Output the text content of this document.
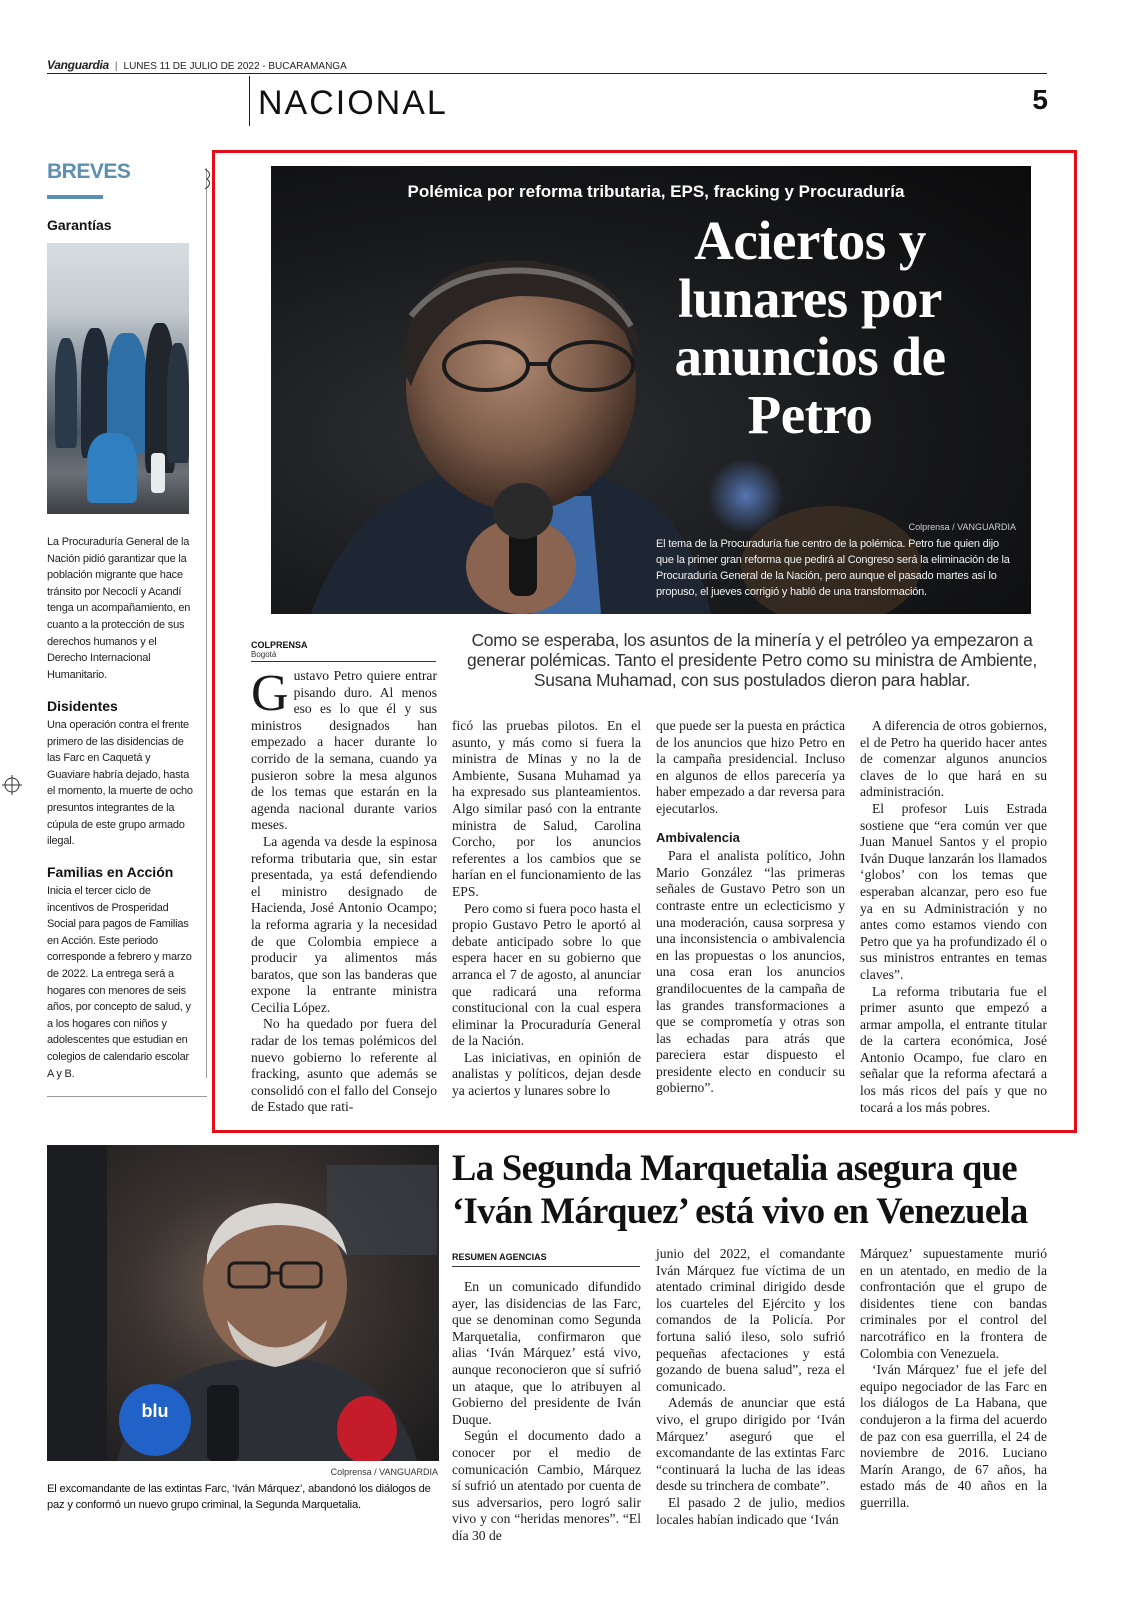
Vanguardia | LUNES 11 DE JULIO DE 2022 - BUCARAMANGA
NACIONAL	5
BREVES
Garantías
La Procuraduría General de la Nación pidió garantizar que la población migrante que hace tránsito por Necoclí y Acandí tenga un acompañamiento, en cuanto a la protección de sus derechos humanos y el Derecho Internacional Humanitario.
Disidentes
Una operación contra el frente primero de las disidencias de las Farc en Caquetá y Guaviare habría dejado, hasta el momento, la muerte de ocho presuntos integrantes de la cúpula de este grupo armado ilegal.
Familias en Acción
Inicia el tercer ciclo de incentivos de Prosperidad Social para pagos de Familias en Acción. Este periodo corresponde a febrero y marzo de 2022. La entrega será a hogares con menores de seis años, por concepto de salud, y a los hogares con niños y adolescentes que estudian en colegios de calendario escolar A y B.
Polémica por reforma tributaria, EPS, fracking y Procuraduría
Aciertos y lunares por anuncios de Petro
Colprensa / VANGUARDIA
El tema de la Procuraduría fue centro de la polémica. Petro fue quien dijo que la primer gran reforma que pedirá al Congreso será la eliminación de la Procuraduría General de la Nación, pero aunque el pasado martes así lo propuso, el jueves corrigió y habló de una transformación.
Como se esperaba, los asuntos de la minería y el petróleo ya empezaron a generar polémicas. Tanto el presidente Petro como su ministra de Ambiente, Susana Muhamad, con sus postulados dieron para hablar.
COLPRENSA
Bogotá

Gustavo Petro quiere entrar pisando duro. Al menos eso es lo que él y sus ministros designados han empezado a hacer durante lo corrido de la semana, cuando ya pusieron sobre la mesa algunos de los temas que estarán en la agenda nacional durante varios meses.

La agenda va desde la espinosa reforma tributaria que, sin estar presentada, ya está defendiendo el ministro designado de Hacienda, José Antonio Ocampo; la reforma agraria y la necesidad de que Colombia empiece a producir ya alimentos más baratos, que son las banderas que expone la entrante ministra Cecilia López.

No ha quedado por fuera del radar de los temas polémicos del nuevo gobierno lo referente al fracking, asunto que además se consolidó con el fallo del Consejo de Estado que rati-

ficó las pruebas pilotos. En el asunto, y más como si fuera la ministra de Minas y no la de Ambiente, Susana Muhamad ya ha expresado sus planteamientos. Algo similar pasó con la entrante ministra de Salud, Carolina Corcho, por los anuncios referentes a los cambios que se harían en el funcionamiento de las EPS.

Pero como si fuera poco hasta el propio Gustavo Petro le aportó al debate anticipado sobre lo que espera hacer en su gobierno que arranca el 7 de agosto, al anunciar que radicará una reforma constitucional con la cual espera eliminar la Procuraduría General de la Nación.

Las iniciativas, en opinión de analistas y políticos, dejan desde ya aciertos y lunares sobre lo

que puede ser la puesta en práctica de los anuncios que hizo Petro en la campaña presidencial. Incluso en algunos de ellos parecería ya haber empezado a dar reversa para ejecutarlos.

Ambivalencia

Para el analista político, John Mario González “las primeras señales de Gustavo Petro son un contraste entre un eclecticismo y una moderación, causa sorpresa y una inconsistencia o ambivalencia en las propuestas o los anuncios, una cosa eran los anuncios grandilocuentes de la campaña de las grandes transformaciones a que se comprometía y otras son las echadas para atrás que pareciera estar dispuesto el presidente electo en conducir su gobierno”.

A diferencia de otros gobiernos, el de Petro ha querido hacer antes de comenzar algunos anuncios claves de lo que hará en su administración.

El profesor Luis Estrada sostiene que “era común ver que Juan Manuel Santos y el propio Iván Duque lanzarán los llamados ‘globos’ con los temas que esperaban alcanzar, pero eso fue ya en su Administración y no antes como estamos viendo con Petro que ya ha profundizado él o sus ministros entrantes en temas claves”.

La reforma tributaria fue el primer asunto que empezó a armar ampolla, el entrante titular de la cartera económica, José Antonio Ocampo, fue claro en señalar que la reforma afectará a los más ricos del país y que no tocará a los más pobres.

blu
Colprensa / VANGUARDIA
El excomandante de las extintas Farc, ‘Iván Márquez’, abandonó los diálogos de paz y conformó un nuevo grupo criminal, la Segunda Marquetalia.
La Segunda Marquetalia asegura que ‘Iván Márquez’ está vivo en Venezuela
RESUMEN AGENCIAS

En un comunicado difundido ayer, las disidencias de las Farc, que se denominan como Segunda Marquetalia, confirmaron que alias ‘Iván Márquez’ está vivo, aunque reconocieron que sí sufrió un ataque, que lo atribuyen al Gobierno del presidente de Iván Duque.

Según el documento dado a conocer por el medio de comunicación Cambio, Márquez sí sufrió un atentado por cuenta de sus adversarios, pero logró salir vivo y con “heridas menores”. “El día 30 de

junio del 2022, el comandante Iván Márquez fue víctima de un atentado criminal dirigido desde los cuarteles del Ejército y los comandos de la Policía. Por fortuna salió ileso, solo sufrió pequeñas afectaciones y está gozando de buena salud”, reza el comunicado.

Además de anunciar que está vivo, el grupo dirigido por ‘Iván Márquez’ aseguró que el excomandante de las extintas Farc “continuará la lucha de las ideas desde su trinchera de combate”.

El pasado 2 de julio, medios locales habían indicado que ‘Iván

Márquez’ supuestamente murió en un atentado, en medio de la confrontación que el grupo de disidentes tiene con bandas criminales por el control del narcotráfico en la frontera de Colombia con Venezuela.

‘Iván Márquez’ fue el jefe del equipo negociador de las Farc en los diálogos de La Habana, que condujeron a la firma del acuerdo de paz con esa guerrilla, el 24 de noviembre de 2016. Luciano Marín Arango, de 67 años, ha estado más de 40 años en la guerrilla.
